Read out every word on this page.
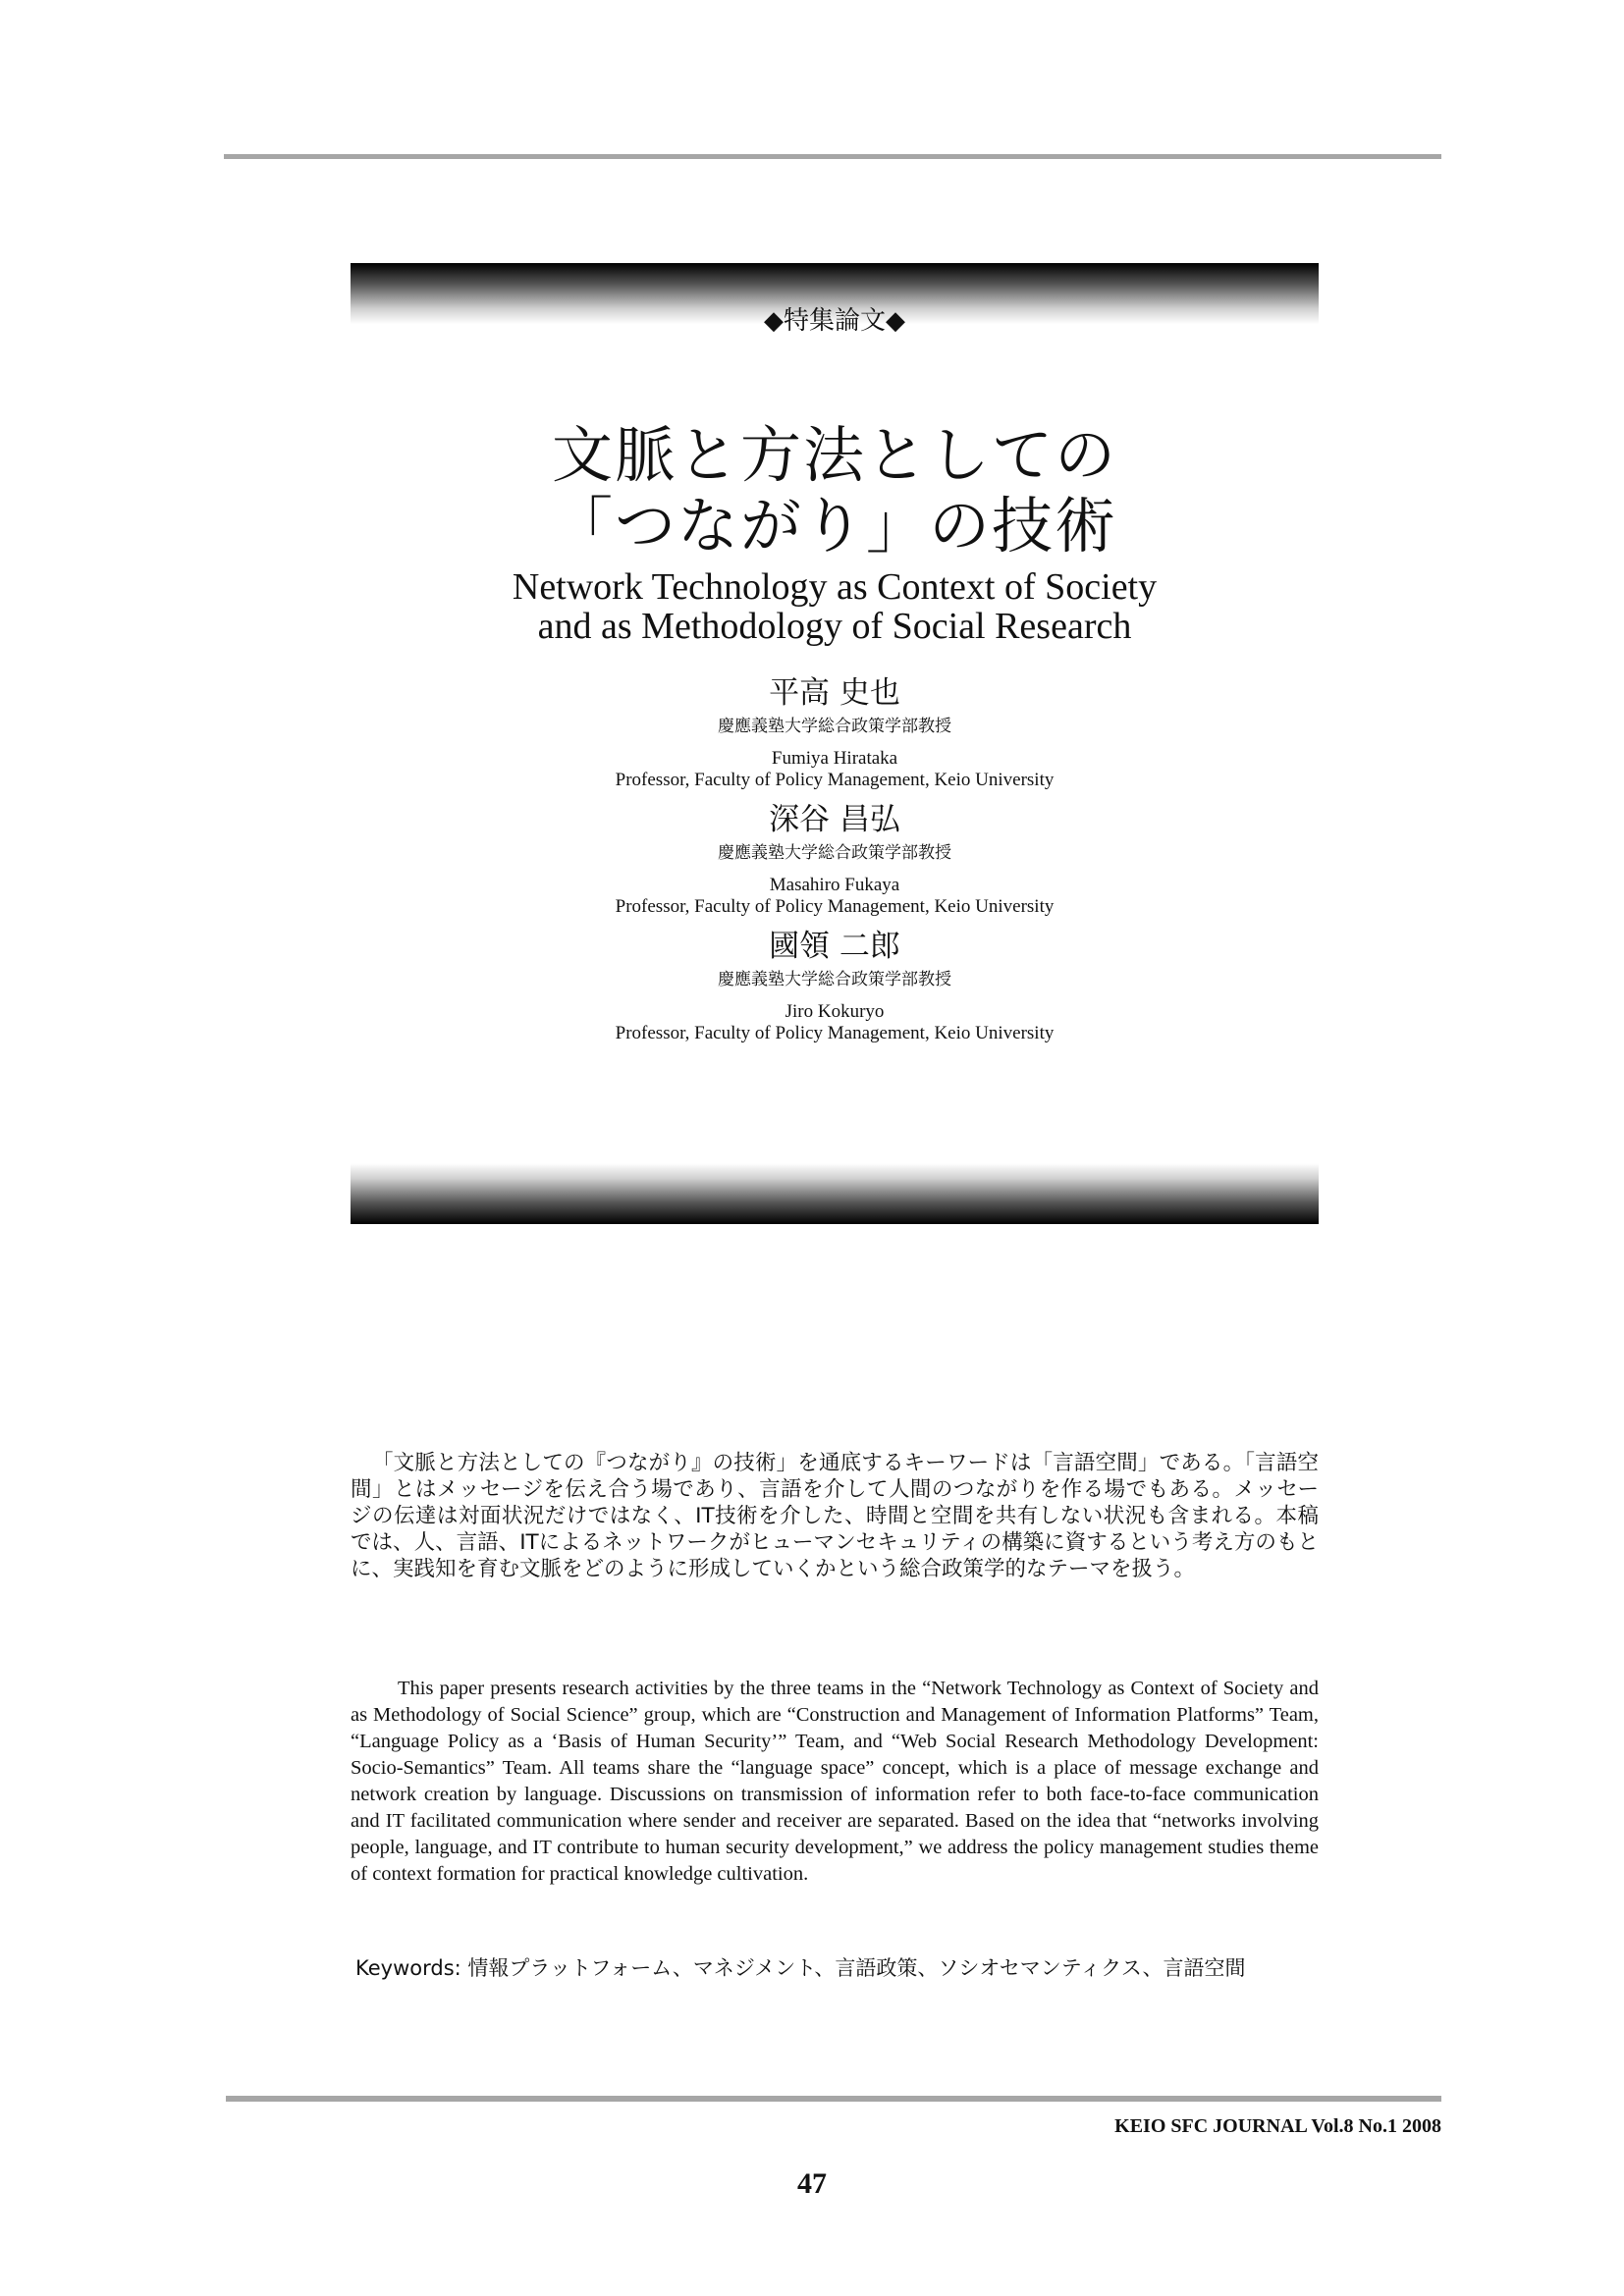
◆特集論文◆
文脈と方法としての
「つながり」の技術
Network Technology as Context of Society
and as Methodology of Social Research
平高 史也
慶應義塾大学総合政策学部教授
Fumiya Hirataka
Professor, Faculty of Policy Management, Keio University
深谷 昌弘
慶應義塾大学総合政策学部教授
Masahiro Fukaya
Professor, Faculty of Policy Management, Keio University
國領 二郎
慶應義塾大学総合政策学部教授
Jiro Kokuryo
Professor, Faculty of Policy Management, Keio University
「文脈と方法としての『つながり』の技術」を通底するキーワードは「言語空間」である。「言語空間」とはメッセージを伝え合う場であり、言語を介して人間のつながりを作る場でもある。メッセージの伝達は対面状況だけではなく、IT技術を介した、時間と空間を共有しない状況も含まれる。本稿では、人、言語、ITによるネットワークがヒューマンセキュリティの構築に資するという考え方のもとに、実践知を育む文脈をどのように形成していくかという総合政策学的なテーマを扱う。
This paper presents research activities by the three teams in the “Network Technology as Context of Society and as Methodology of Social Science” group, which are “Construction and Management of Information Platforms” Team, “Language Policy as a ‘Basis of Human Security’” Team, and “Web Social Research Methodology Development: Socio-Semantics” Team. All teams share the “language space” concept, which is a place of message exchange and network creation by language. Discussions on transmission of information refer to both face-to-face communication and IT facilitated communication where sender and receiver are separated. Based on the idea that “networks involving people, language, and IT contribute to human security development,” we address the policy management studies theme of context formation for practical knowledge cultivation.
Keywords: 情報プラットフォーム、マネジメント、言語政策、ソシオセマンティクス、言語空間
KEIO SFC JOURNAL Vol.8 No.1 2008
47
